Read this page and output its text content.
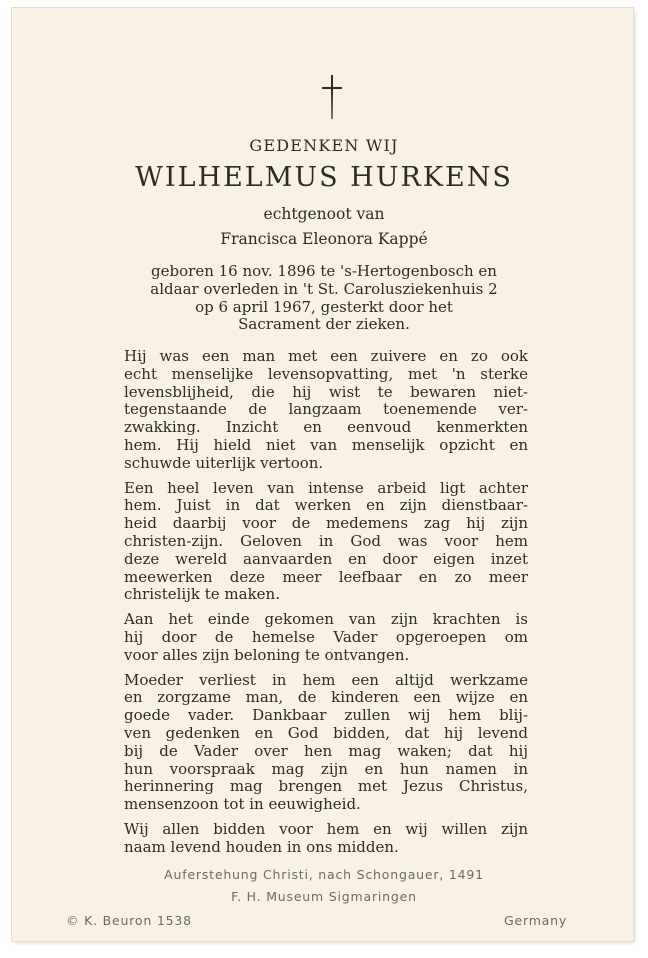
GEDENKEN WIJ
WILHELMUS HURKENS
echtgenoot van
Francisca Eleonora Kappé
geboren 16 nov. 1896 te 's-Hertogenbosch en
aldaar overleden in 't St. Carolusziekenhuis 2
op 6 april 1967, gesterkt door het
Sacrament der zieken.

Hij was een man met een zuivere en zo ook
echt menselijke levensopvatting, met 'n sterke
levensblijheid, die hij wist te bewaren niet-
tegenstaande de langzaam toenemende ver-
zwakking. Inzicht en eenvoud kenmerkten
hem. Hij hield niet van menselijk opzicht en
schuwde uiterlijk vertoon.

Een heel leven van intense arbeid ligt achter
hem. Juist in dat werken en zijn dienstbaar-
heid daarbij voor de medemens zag hij zijn
christen-zijn. Geloven in God was voor hem
deze wereld aanvaarden en door eigen inzet
meewerken deze meer leefbaar en zo meer
christelijk te maken.

Aan het einde gekomen van zijn krachten is
hij door de hemelse Vader opgeroepen om
voor alles zijn beloning te ontvangen.

Moeder verliest in hem een altijd werkzame
en zorgzame man, de kinderen een wijze en
goede vader. Dankbaar zullen wij hem blij-
ven gedenken en God bidden, dat hij levend
bij de Vader over hen mag waken; dat hij
hun voorspraak mag zijn en hun namen in
herinnering mag brengen met Jezus Christus,
mensenzoon tot in eeuwigheid.

Wij allen bidden voor hem en wij willen zijn
naam levend houden in ons midden.

Auferstehung Christi, nach Schongauer, 1491
F. H. Museum Sigmaringen
© K. Beuron 1538	Germany
